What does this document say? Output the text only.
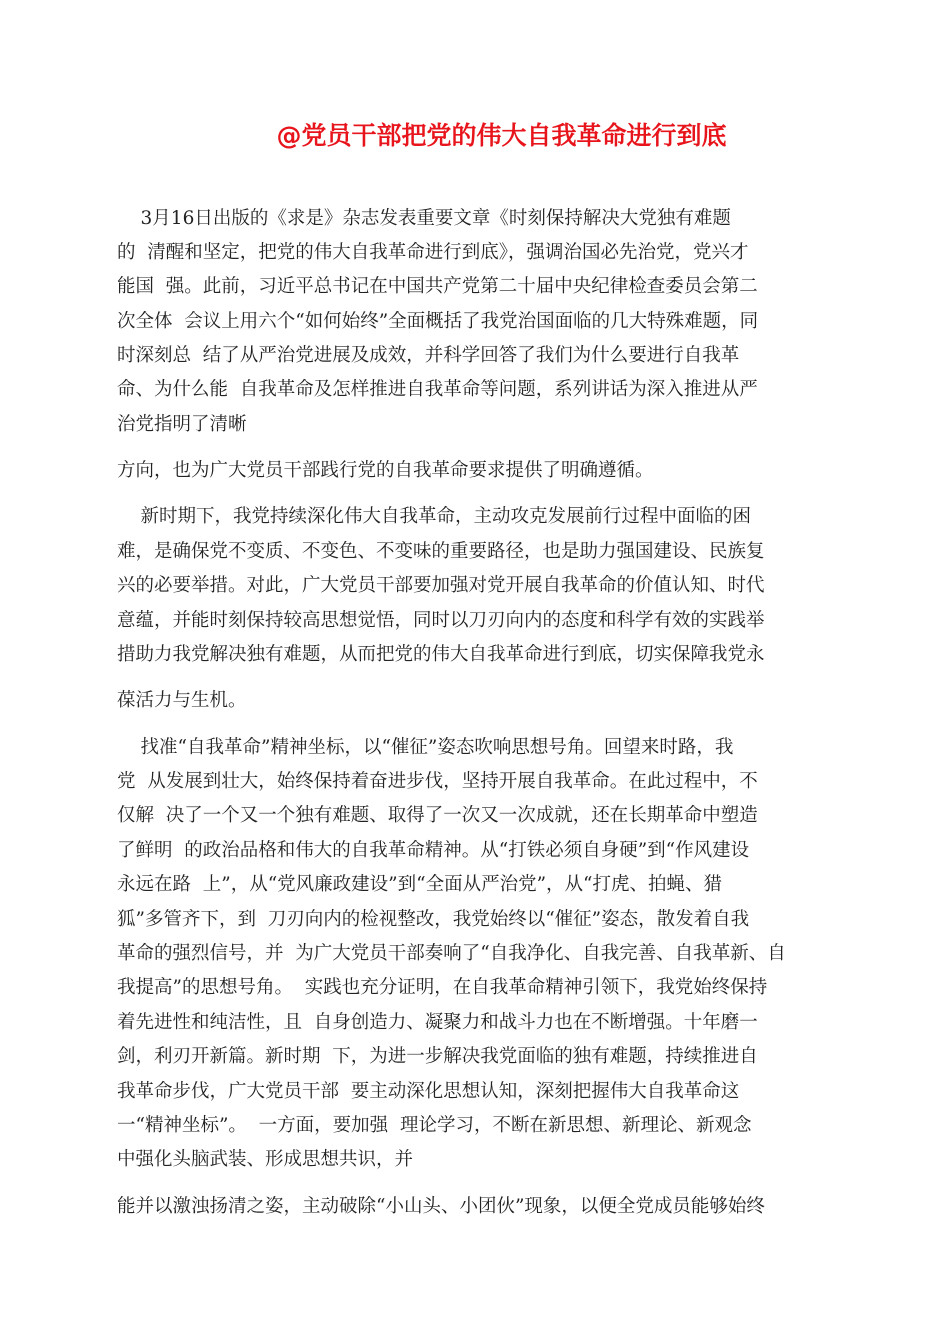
@党员干部把党的伟大自我革命进行到底

3月16日出版的《求是》杂志发表重要文章《时刻保持解决大党独有难题

的  清醒和坚定，把党的伟大自我革命进行到底》，强调治国必先治党，党兴才

能国  强。此前，习近平总书记在中国共产党第二十届中央纪律检查委员会第二

次全体  会议上用六个“如何始终”全面概括了我党治国面临的几大特殊难题，同

时深刻总  结了从严治党进展及成效，并科学回答了我们为什么要进行自我革

命、为什么能  自我革命及怎样推进自我革命等问题，系列讲话为深入推进从严

治党指明了清晰

方向，也为广大党员干部践行党的自我革命要求提供了明确遵循。

新时期下，我党持续深化伟大自我革命，主动攻克发展前行过程中面临的困

难，是确保党不变质、不变色、不变味的重要路径，也是助力强国建设、民族复

兴的必要举措。对此，广大党员干部要加强对党开展自我革命的价值认知、时代

意蕴，并能时刻保持较高思想觉悟，同时以刀刃向内的态度和科学有效的实践举

措助力我党解决独有难题，从而把党的伟大自我革命进行到底，切实保障我党永

葆活力与生机。

找准“自我革命”精神坐标，以“催征”姿态吹响思想号角。回望来时路，我

党  从发展到壮大，始终保持着奋进步伐，坚持开展自我革命。在此过程中，不

仅解  决了一个又一个独有难题、取得了一次又一次成就，还在长期革命中塑造

了鲜明  的政治品格和伟大的自我革命精神。从“打铁必须自身硬”到“作风建设

永远在路  上”，从“党风廉政建设”到“全面从严治党”，从“打虎、拍蝇、猎

狐”多管齐下，到  刀刃向内的检视整改，我党始终以“催征”姿态，散发着自我

革命的强烈信号，并  为广大党员干部奏响了“自我净化、自我完善、自我革新、自

我提高”的思想号角。  实践也充分证明，在自我革命精神引领下，我党始终保持

着先进性和纯洁性，且  自身创造力、凝聚力和战斗力也在不断增强。十年磨一

剑，利刃开新篇。新时期  下，为进一步解决我党面临的独有难题，持续推进自

我革命步伐，广大党员干部  要主动深化思想认知，深刻把握伟大自我革命这

一“精神坐标”。  一方面，要加强  理论学习，不断在新思想、新理论、新观念

中强化头脑武装、形成思想共识，并

能并以激浊扬清之姿，主动破除“小山头、小团伙”现象，以便全党成员能够始终
